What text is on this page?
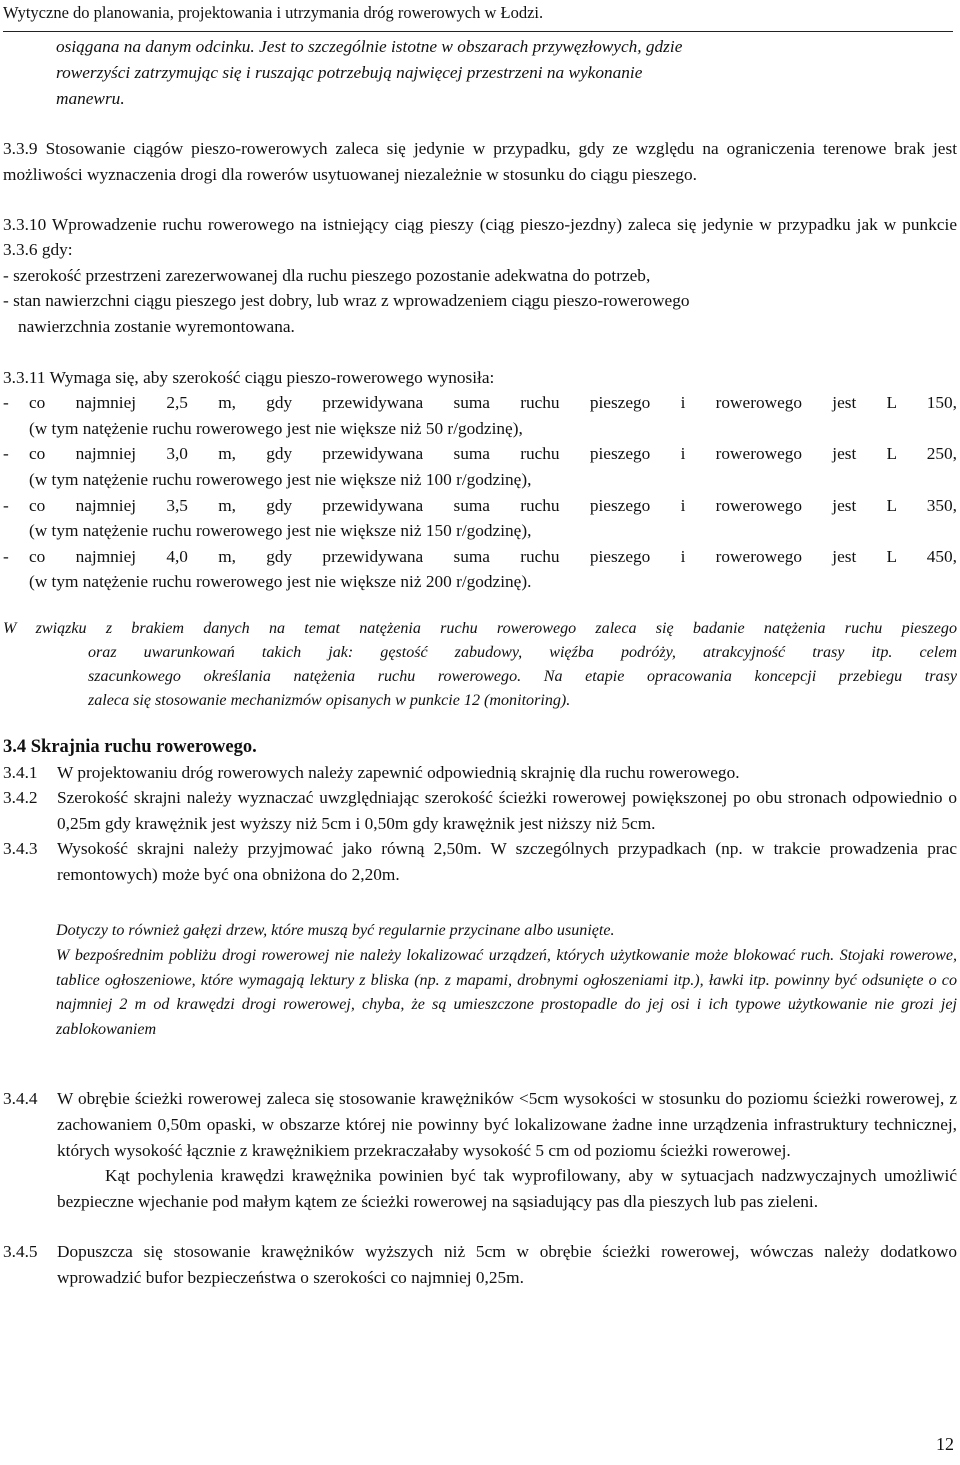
Wytyczne do planowania, projektowania i utrzymania dróg rowerowych w Łodzi.
osiągana na danym odcinku. Jest to szczególnie istotne w obszarach przywęzłowych, gdzie
rowerzyści zatrzymując się i ruszając potrzebują najwięcej przestrzeni na wykonanie
manewru.

3.3.9 Stosowanie ciągów pieszo-rowerowych zaleca się jedynie w przypadku, gdy ze względu na ograniczenia terenowe brak jest możliwości wyznaczenia drogi dla rowerów usytuowanej niezależnie w stosunku do ciągu pieszego.

3.3.10 Wprowadzenie ruchu rowerowego na istniejący ciąg pieszy (ciąg pieszo-jezdny) zaleca się jedynie w przypadku jak w punkcie 3.3.6 gdy:

- szerokość przestrzeni zarezerwowanej dla ruchu pieszego pozostanie adekwatna do potrzeb,
- stan nawierzchni ciągu pieszego jest dobry, lub wraz z wprowadzeniem ciągu pieszo-rowerowego
nawierzchnia zostanie wyremontowana.
3.3.11 Wymaga się, aby szerokość ciągu pieszo-rowerowego wynosiła:
-	co najmniej 2,5 m, gdy przewidywana suma ruchu pieszego i rowerowego jest L 150,
(w tym natężenie ruchu rowerowego jest nie większe niż 50 r/godzinę),
-	co najmniej 3,0 m, gdy przewidywana suma ruchu pieszego i rowerowego jest L 250,
(w tym natężenie ruchu rowerowego jest nie większe niż 100 r/godzinę),
-	co najmniej 3,5 m, gdy przewidywana suma ruchu pieszego i rowerowego jest L 350,
(w tym natężenie ruchu rowerowego jest nie większe niż 150 r/godzinę),
-	co najmniej 4,0 m, gdy przewidywana suma ruchu pieszego i rowerowego jest L 450,
(w tym natężenie ruchu rowerowego jest nie większe niż 200 r/godzinę).
W związku z brakiem danych na temat natężenia ruchu rowerowego zaleca się badanie natężenia ruchu pieszego
oraz uwarunkowań takich jak: gęstość zabudowy, więźba podróży, atrakcyjność trasy itp. celem
szacunkowego określania natężenia ruchu rowerowego. Na etapie opracowania koncepcji przebiegu trasy
zaleca się stosowanie mechanizmów opisanych w punkcie 12 (monitoring).
3.4 Skrajnia ruchu rowerowego.
3.4.1	W projektowaniu dróg rowerowych należy zapewnić odpowiednią skrajnię dla ruchu rowerowego.
3.4.2	Szerokość skrajni należy wyznaczać uwzględniając szerokość ścieżki rowerowej powiększonej po obu stronach odpowiednio o 0,25m gdy krawężnik jest wyższy niż 5cm i 0,50m gdy krawężnik jest niższy niż 5cm.
3.4.3	Wysokość skrajni należy przyjmować jako równą 2,50m. W szczególnych przypadkach (np. w trakcie prowadzenia prac remontowych) może być ona obniżona do 2,20m.
Dotyczy to również gałęzi drzew, które muszą być regularnie przycinane albo usunięte.
W bezpośrednim pobliżu drogi rowerowej nie należy lokalizować urządzeń, których użytkowanie może blokować ruch. Stojaki rowerowe, tablice ogłoszeniowe, które wymagają lektury z bliska (np. z mapami, drobnymi ogłoszeniami itp.), ławki itp. powinny być odsunięte o co najmniej 2 m od krawędzi drogi rowerowej, chyba, że są umieszczone prostopadle do jej osi i ich typowe użytkowanie nie grozi jej zablokowaniem
3.4.4	W obrębie ścieżki rowerowej zaleca się stosowanie krawężników <5cm wysokości w stosunku do poziomu ścieżki rowerowej, z zachowaniem 0,50m opaski, w obszarze której nie powinny być lokalizowane żadne inne urządzenia infrastruktury technicznej, których wysokość łącznie z krawężnikiem przekraczałaby wysokość 5 cm od poziomu ścieżki rowerowej.
Kąt pochylenia krawędzi krawężnika powinien być tak wyprofilowany, aby w sytuacjach nadzwyczajnych umożliwić bezpieczne wjechanie pod małym kątem ze ścieżki rowerowej na sąsiadujący pas dla pieszych lub pas zieleni.
3.4.5	Dopuszcza się stosowanie krawężników wyższych niż 5cm w obrębie ścieżki rowerowej, wówczas należy dodatkowo wprowadzić bufor bezpieczeństwa o szerokości co najmniej 0,25m.
12
